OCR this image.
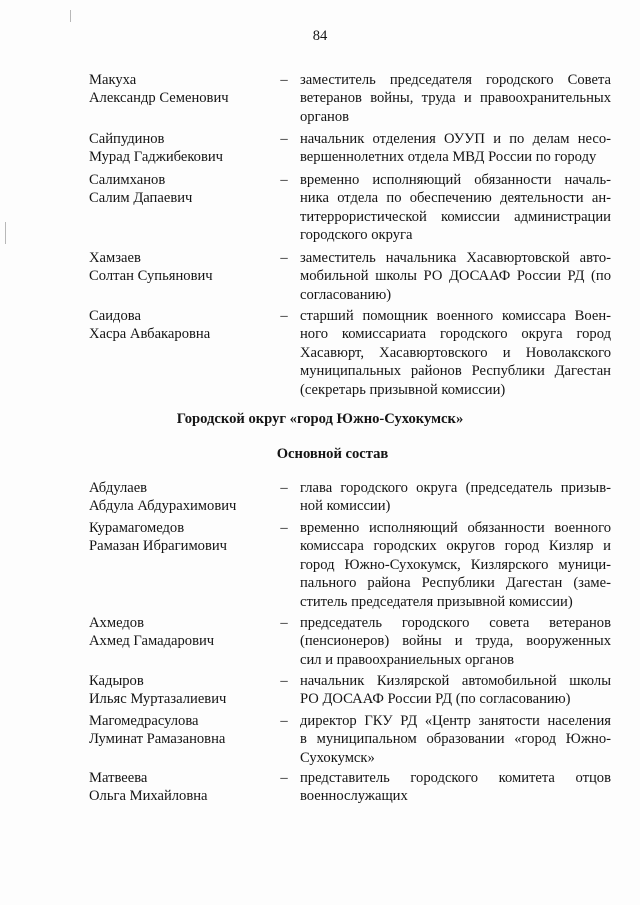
84
Макуха
Александр Семенович
– заместитель председателя городского Совета
ветеранов войны, труда и правоохранительных
органов
Сайпудинов
Мурад Гаджибекович
– начальник отделения ОУУП и по делам несо-
вершеннолетних отдела МВД России по городу
Салимханов
Салим Дапаевич
– временно исполняющий обязанности началь-
ника отдела по обеспечению деятельности ан-
титеррористической комиссии администрации
городского округа
Хамзаев
Солтан Супьянович
– заместитель начальника Хасавюртовской авто-
мобильной школы РО ДОСААФ России РД (по
согласованию)
Саидова
Хасра Авбакаровна
– старший помощник военного комиссара Воен-
ного комиссариата городского округа город
Хасавюрт, Хасавюртовского и Новолакского
муниципальных районов Республики Дагестан
(секретарь призывной комиссии)
Городской округ «город Южно-Сухокумск»
Основной состав
Абдулаев
Абдула Абдурахимович
– глава городского округа (председатель призыв-
ной комиссии)
Курамагомедов
Рамазан Ибрагимович
– временно исполняющий обязанности военного
комиссара городских округов город Кизляр и
город Южно-Сухокумск, Кизлярского муници-
пального района Республики Дагестан (заме-
ститель председателя призывной комиссии)
Ахмедов
Ахмед Гамадарович
– председатель городского совета ветеранов
(пенсионеров) войны и труда, вооруженных
сил и правоохраниельных органов
Кадыров
Ильяс Муртазалиевич
– начальник Кизлярской автомобильной школы
РО ДОСААФ России РД (по согласованию)
Магомедрасулова
Луминат Рамазановна
– директор ГКУ РД «Центр занятости населения
в муниципальном образовании «город Южно-
Сухокумск»
Матвеева
Ольга Михайловна
– представитель городского комитета отцов
военнослужащих
